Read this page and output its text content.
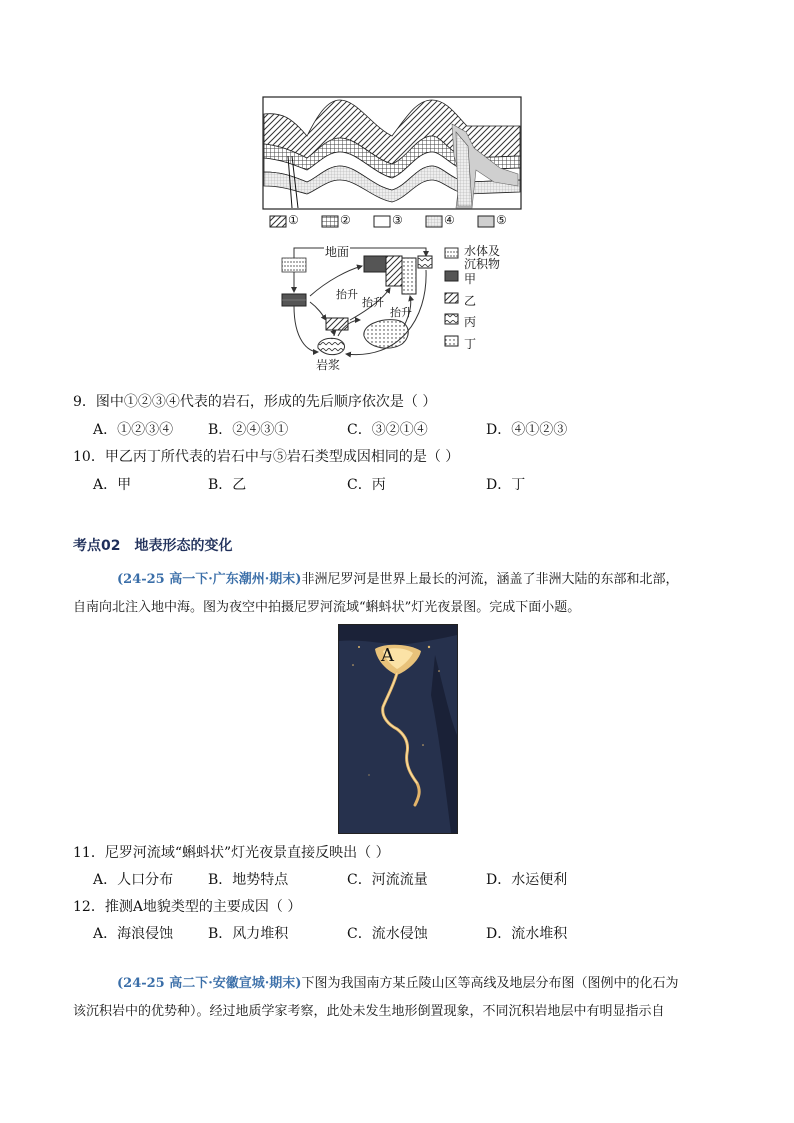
①	②	③	④	⑤
地面
抬升
抬升
抬升
岩浆
水体及
沉积物
甲
乙
丙
丁
9．图中①②③④代表的岩石，形成的先后顺序依次是（ ）
A．①②③④ B．②④③①	C．③②①④	D．④①②③
10．甲乙丙丁所代表的岩石中与⑤岩石类型成因相同的是（ ）
A．甲	B．乙	C．丙	D．丁
考点02　地表形态的变化
(24-25 高一下·广东潮州·期末)非洲尼罗河是世界上最长的河流，涵盖了非洲大陆的东部和北部，
自南向北注入地中海。图为夜空中拍摄尼罗河流域“蝌蚪状”灯光夜景图。完成下面小题。
A
11．尼罗河流域“蝌蚪状”灯光夜景直接反映出（ ）
A．人口分布 B．地势特点	C．河流流量	D．水运便利
12．推测A地貌类型的主要成因（ ）
A．海浪侵蚀 B．风力堆积	C．流水侵蚀	D．流水堆积
(24-25 高二下·安徽宣城·期末)下图为我国南方某丘陵山区等高线及地层分布图（图例中的化石为
该沉积岩中的优势种）。经过地质学家考察，此处未发生地形倒置现象，不同沉积岩地层中有明显指示自
